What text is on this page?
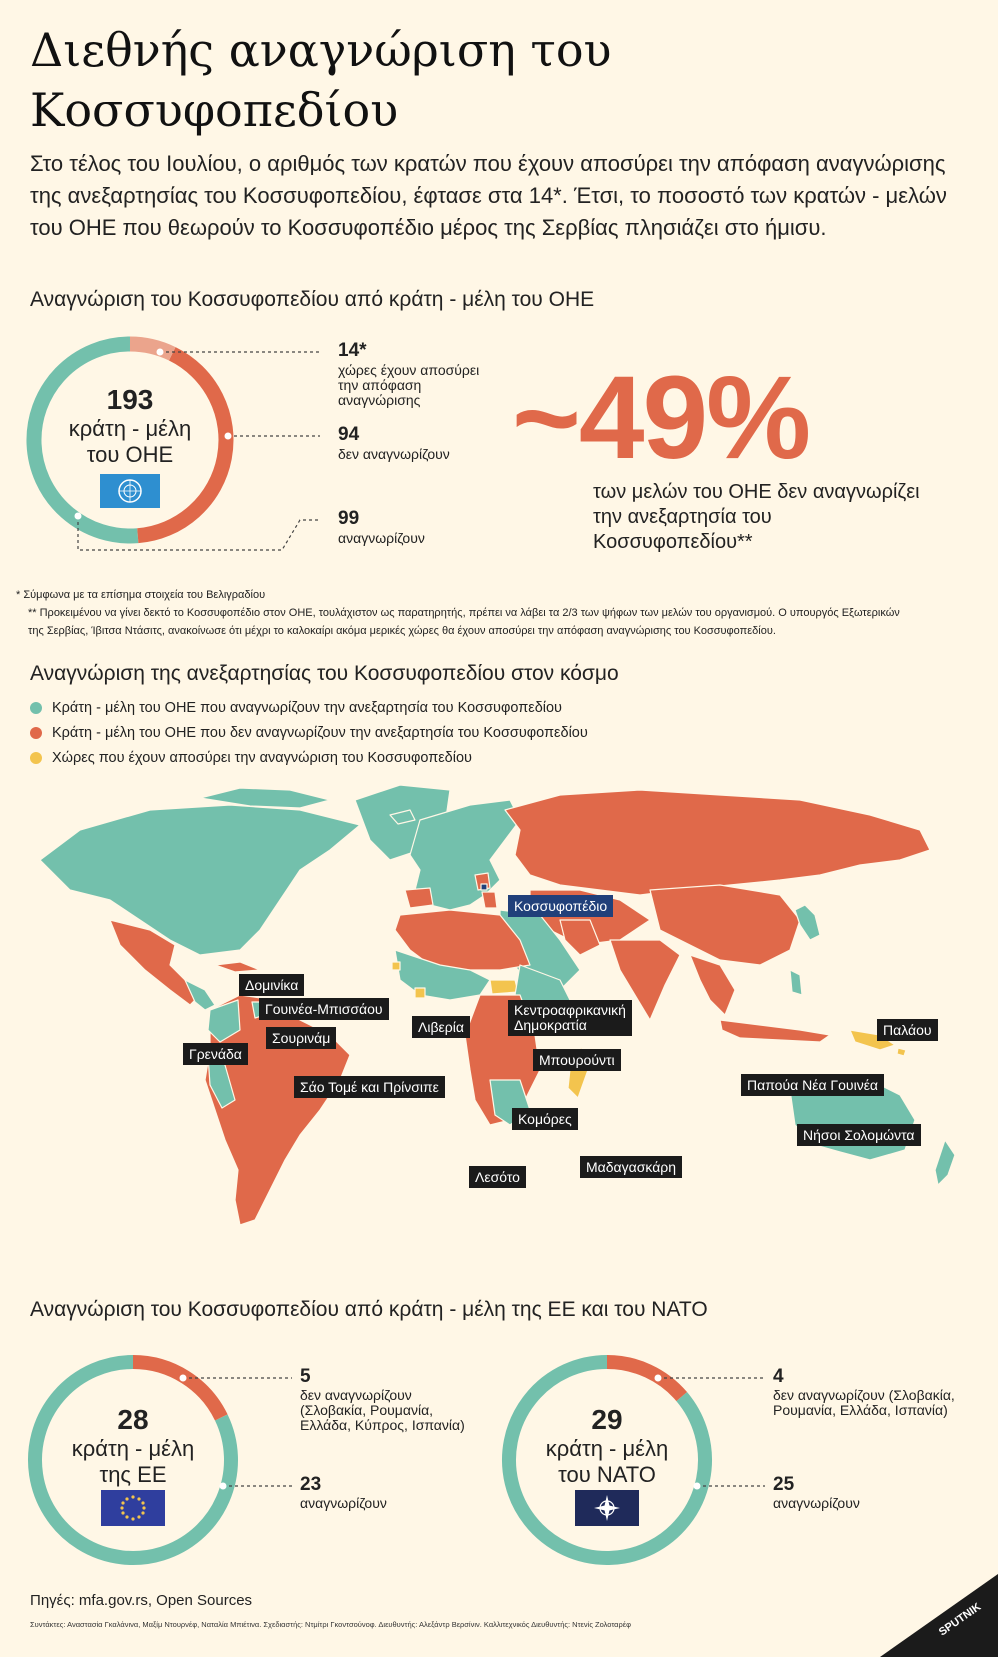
Διεθνής αναγνώριση του
Κοσσυφοπεδίου
Στο τέλος του Ιουλίου, ο αριθμός των κρατών που έχουν αποσύρει την απόφαση αναγνώρισης της ανεξαρτησίας του Κοσσυφοπεδίου, έφτασε στα 14*. Έτσι, το ποσοστό των κρατών - μελών του ΟΗΕ που θεωρούν το Κοσσυφοπέδιο μέρος της Σερβίας πλησιάζει στο ήμισυ.
Αναγνώριση του Κοσσυφοπεδίου από κράτη - μέλη του ΟΗΕ
193
κράτη - μέλη
του ΟΗΕ
14*
χώρες έχουν αποσύρει την απόφαση αναγνώρισης
94
δεν αναγνωρίζουν
99
αναγνωρίζουν
~49%
των μελών του ΟΗΕ δεν αναγνωρίζει την ανεξαρτησία του Κοσσυφοπεδίου**
* Σύμφωνα με τα επίσημα στοιχεία του Βελιγραδίου
** Προκειμένου να γίνει δεκτό το Κοσσυφοπέδιο στον ΟΗΕ, τουλάχιστον ως παρατηρητής, πρέπει να λάβει τα 2/3 των ψήφων των μελών του οργανισμού. Ο υπουργός Εξωτερικών της Σερβίας, Ίβιτσα Ντάσιτς, ανακοίνωσε ότι μέχρι το καλοκαίρι ακόμα μερικές χώρες θα έχουν αποσύρει την απόφαση αναγνώρισης του Κοσσυφοπεδίου.
Αναγνώριση της ανεξαρτησίας του Κοσσυφοπεδίου στον κόσμο
Κράτη - μέλη του ΟΗΕ που αναγνωρίζουν την ανεξαρτησία του Κοσσυφοπεδίου
Κράτη - μέλη του ΟΗΕ που δεν αναγνωρίζουν την ανεξαρτησία του Κοσσυφοπεδίου
Χώρες που έχουν αποσύρει την αναγνώριση του Κοσσυφοπεδίου
Κοσσυφοπέδιο
Δομινίκα
Γουινέα-Μπισσάου
Λιβερία
Κεντροαφρικανική
Δημοκρατία
Σουρινάμ
Γρενάδα	Μπουρούντι
Σάο Τομέ και Πρίνσιπε
Κομόρες
Μαδαγασκάρη
Λεσότο
Παλάου
Παπούα Νέα Γουινέα
Νήσοι Σολομώντα
Αναγνώριση του Κοσσυφοπεδίου από κράτη - μέλη της ΕΕ και του ΝΑΤΟ
28
κράτη - μέλη
της ΕΕ
5
δεν αναγνωρίζουν (Σλοβακία, Ρουμανία, Ελλάδα, Κύπρος, Ισπανία)
23
αναγνωρίζουν
29
κράτη - μέλη
του ΝΑΤΟ
4
δεν αναγνωρίζουν (Σλοβακία, Ρουμανία, Ελλάδα, Ισπανία)
25
αναγνωρίζουν
Πηγές: mfa.gov.rs, Open Sources
Συντάκτες: Αναστασία Γκαλάνινα, Μαξίμ Ντουρνέφ, Ναταλία Μπιέτινα. Σχεδιαστής: Ντμίτρι Γκοντσούνοφ. Διευθυντής: Αλεξάντρ Βερσίνιν. Καλλιτεχνικός Διευθυντής: Ντενίς Ζολοταρέφ	SPUTNIK
